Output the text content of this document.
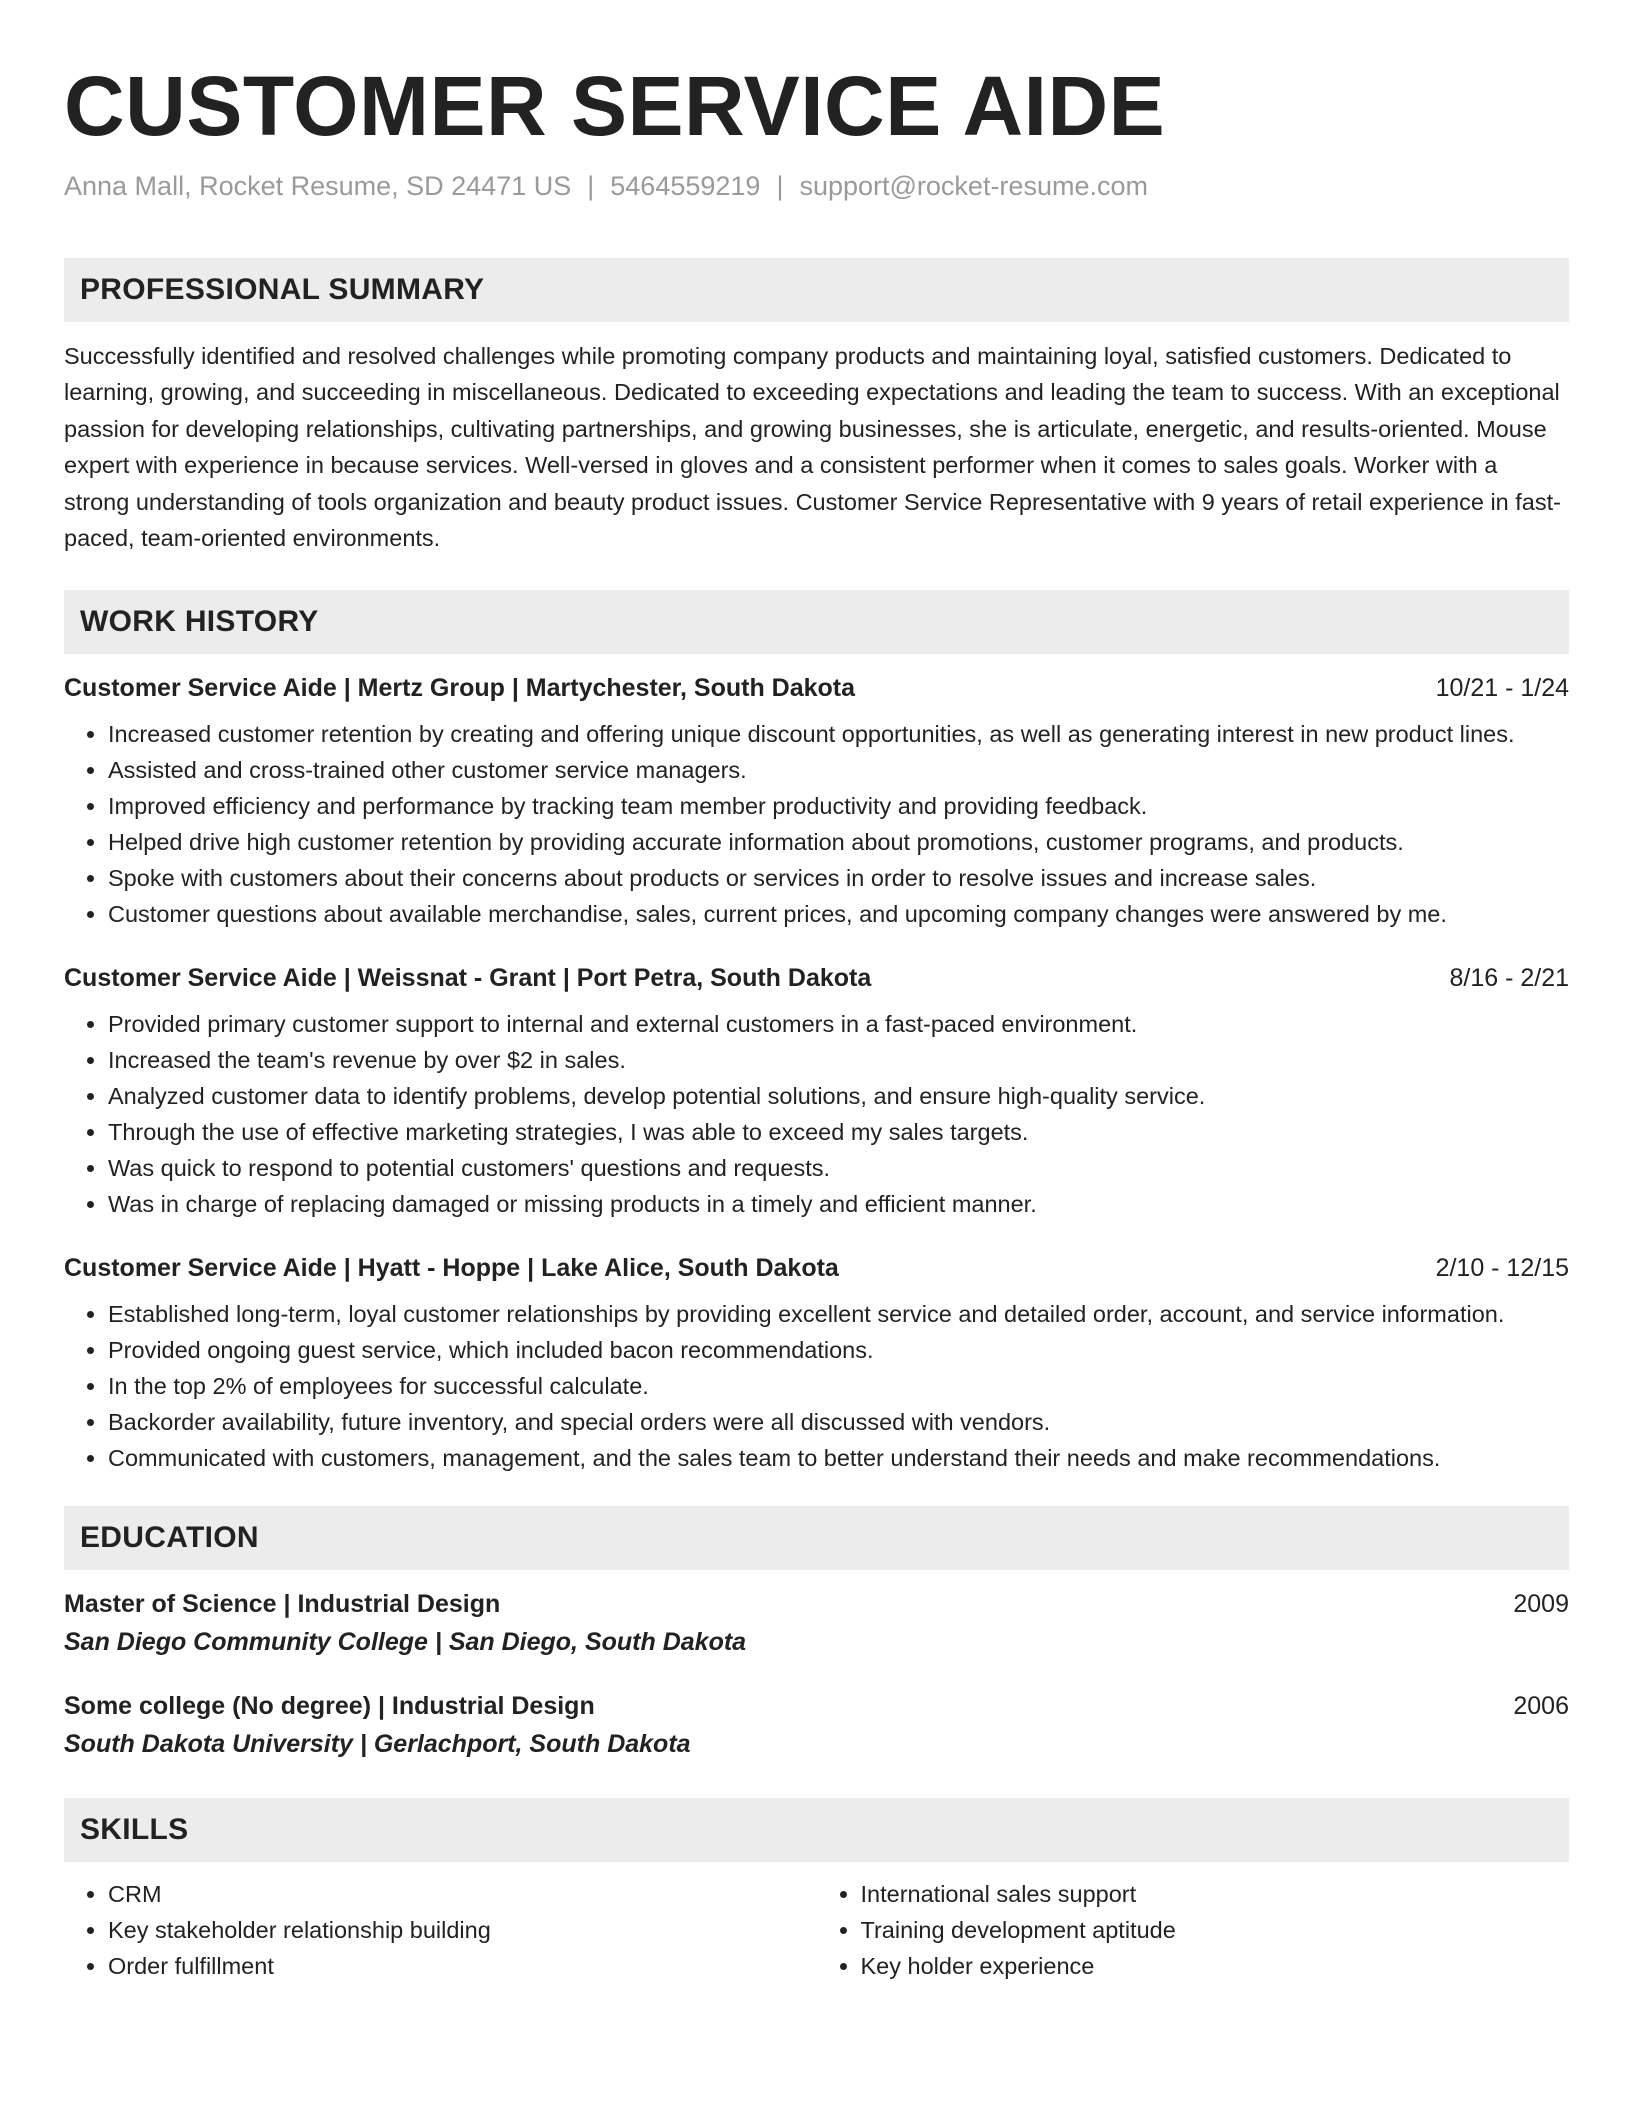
CUSTOMER SERVICE AIDE
Anna Mall, Rocket Resume, SD 24471 US | 5464559219 | support@rocket-resume.com
PROFESSIONAL SUMMARY
Successfully identified and resolved challenges while promoting company products and maintaining loyal, satisfied customers. Dedicated to learning, growing, and succeeding in miscellaneous. Dedicated to exceeding expectations and leading the team to success. With an exceptional passion for developing relationships, cultivating partnerships, and growing businesses, she is articulate, energetic, and results-oriented. Mouse expert with experience in because services. Well-versed in gloves and a consistent performer when it comes to sales goals. Worker with a strong understanding of tools organization and beauty product issues. Customer Service Representative with 9 years of retail experience in fast-paced, team-oriented environments.
WORK HISTORY
Customer Service Aide | Mertz Group | Martychester, South Dakota	10/21 - 1/24
• Increased customer retention by creating and offering unique discount opportunities, as well as generating interest in new product lines.
• Assisted and cross-trained other customer service managers.
• Improved efficiency and performance by tracking team member productivity and providing feedback.
• Helped drive high customer retention by providing accurate information about promotions, customer programs, and products.
• Spoke with customers about their concerns about products or services in order to resolve issues and increase sales.
• Customer questions about available merchandise, sales, current prices, and upcoming company changes were answered by me.
Customer Service Aide | Weissnat - Grant | Port Petra, South Dakota	8/16 - 2/21
• Provided primary customer support to internal and external customers in a fast-paced environment.
• Increased the team's revenue by over $2 in sales.
• Analyzed customer data to identify problems, develop potential solutions, and ensure high-quality service.
• Through the use of effective marketing strategies, I was able to exceed my sales targets.
• Was quick to respond to potential customers' questions and requests.
• Was in charge of replacing damaged or missing products in a timely and efficient manner.
Customer Service Aide | Hyatt - Hoppe | Lake Alice, South Dakota	2/10 - 12/15
• Established long-term, loyal customer relationships by providing excellent service and detailed order, account, and service information.
• Provided ongoing guest service, which included bacon recommendations.
• In the top 2% of employees for successful calculate.
• Backorder availability, future inventory, and special orders were all discussed with vendors.
• Communicated with customers, management, and the sales team to better understand their needs and make recommendations.
EDUCATION
Master of Science | Industrial Design	2009
San Diego Community College | San Diego, South Dakota
Some college (No degree) | Industrial Design	2006
South Dakota University | Gerlachport, South Dakota
SKILLS
• CRM
• Key stakeholder relationship building
• Order fulfillment
• International sales support
• Training development aptitude
• Key holder experience
